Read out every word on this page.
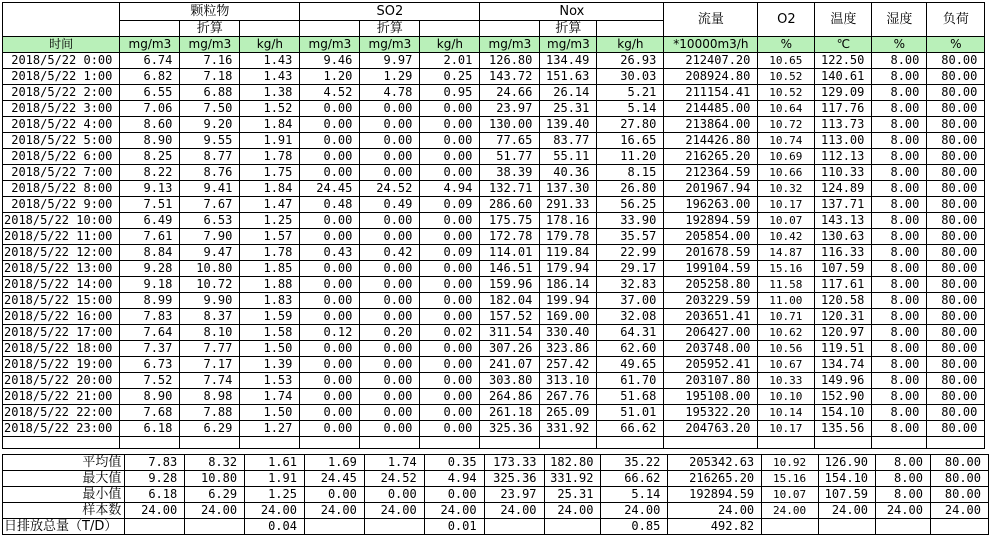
	颗粒物			SO2			Nox			流量	O2	温度	湿度	负荷
		折算			折算			折算						
时间	mg/m3	mg/m3	kg/h	mg/m3	mg/m3	kg/h	mg/m3	mg/m3	kg/h	*10000m3/h	%	℃	%	%
2018/5/22 0:00	6.74	7.16	1.43	9.46	9.97	2.01	126.80	134.49	26.93	212407.20	10.65	122.50	8.00	80.00
2018/5/22 1:00	6.82	7.18	1.43	1.20	1.29	0.25	143.72	151.63	30.03	208924.80	10.52	140.61	8.00	80.00
2018/5/22 2:00	6.55	6.88	1.38	4.52	4.78	0.95	24.66	26.14	5.21	211154.41	10.52	129.09	8.00	80.00
2018/5/22 3:00	7.06	7.50	1.52	0.00	0.00	0.00	23.97	25.31	5.14	214485.00	10.64	117.76	8.00	80.00
2018/5/22 4:00	8.60	9.20	1.84	0.00	0.00	0.00	130.00	139.40	27.80	213864.00	10.72	113.73	8.00	80.00
2018/5/22 5:00	8.90	9.55	1.91	0.00	0.00	0.00	77.65	83.77	16.65	214426.80	10.74	113.00	8.00	80.00
2018/5/22 6:00	8.25	8.77	1.78	0.00	0.00	0.00	51.77	55.11	11.20	216265.20	10.69	112.13	8.00	80.00
2018/5/22 7:00	8.22	8.76	1.75	0.00	0.00	0.00	38.39	40.36	8.15	212364.59	10.66	110.33	8.00	80.00
2018/5/22 8:00	9.13	9.41	1.84	24.45	24.52	4.94	132.71	137.30	26.80	201967.94	10.32	124.89	8.00	80.00
2018/5/22 9:00	7.51	7.67	1.47	0.48	0.49	0.09	286.60	291.33	56.25	196263.00	10.17	137.71	8.00	80.00
2018/5/22 10:00	6.49	6.53	1.25	0.00	0.00	0.00	175.75	178.16	33.90	192894.59	10.07	143.13	8.00	80.00
2018/5/22 11:00	7.61	7.90	1.57	0.00	0.00	0.00	172.78	179.78	35.57	205854.00	10.42	130.63	8.00	80.00
2018/5/22 12:00	8.84	9.47	1.78	0.43	0.42	0.09	114.01	119.84	22.99	201678.59	14.87	116.33	8.00	80.00
2018/5/22 13:00	9.28	10.80	1.85	0.00	0.00	0.00	146.51	179.94	29.17	199104.59	15.16	107.59	8.00	80.00
2018/5/22 14:00	9.18	10.72	1.88	0.00	0.00	0.00	159.96	186.14	32.83	205258.80	11.58	117.61	8.00	80.00
2018/5/22 15:00	8.99	9.90	1.83	0.00	0.00	0.00	182.04	199.94	37.00	203229.59	11.00	120.58	8.00	80.00
2018/5/22 16:00	7.83	8.37	1.59	0.00	0.00	0.00	157.52	169.00	32.08	203651.41	10.71	120.31	8.00	80.00
2018/5/22 17:00	7.64	8.10	1.58	0.12	0.20	0.02	311.54	330.40	64.31	206427.00	10.62	120.97	8.00	80.00
2018/5/22 18:00	7.37	7.77	1.50	0.00	0.00	0.00	307.26	323.86	62.60	203748.00	10.56	119.51	8.00	80.00
2018/5/22 19:00	6.73	7.17	1.39	0.00	0.00	0.00	241.07	257.42	49.65	205952.41	10.67	134.74	8.00	80.00
2018/5/22 20:00	7.52	7.74	1.53	0.00	0.00	0.00	303.80	313.10	61.70	203107.80	10.33	149.96	8.00	80.00
2018/5/22 21:00	8.90	8.98	1.74	0.00	0.00	0.00	264.86	267.76	51.68	195108.00	10.10	152.90	8.00	80.00
2018/5/22 22:00	7.68	7.88	1.50	0.00	0.00	0.00	261.18	265.09	51.01	195322.20	10.14	154.10	8.00	80.00
2018/5/22 23:00	6.18	6.29	1.27	0.00	0.00	0.00	325.36	331.92	66.62	204763.20	10.17	135.56	8.00	80.00

平均值	7.83	8.32	1.61	1.69	1.74	0.35	173.33	182.80	35.22	205342.63	10.92	126.90	8.00	80.00
最大值	9.28	10.80	1.91	24.45	24.52	4.94	325.36	331.92	66.62	216265.20	15.16	154.10	8.00	80.00
最小值	6.18	6.29	1.25	0.00	0.00	0.00	23.97	25.31	5.14	192894.59	10.07	107.59	8.00	80.00
样本数	24.00	24.00	24.00	24.00	24.00	24.00	24.00	24.00	24.00	24.00	24.00	24.00	24.00	24.00
日排放总量（T/D）			0.04			0.01			0.85	492.82				
